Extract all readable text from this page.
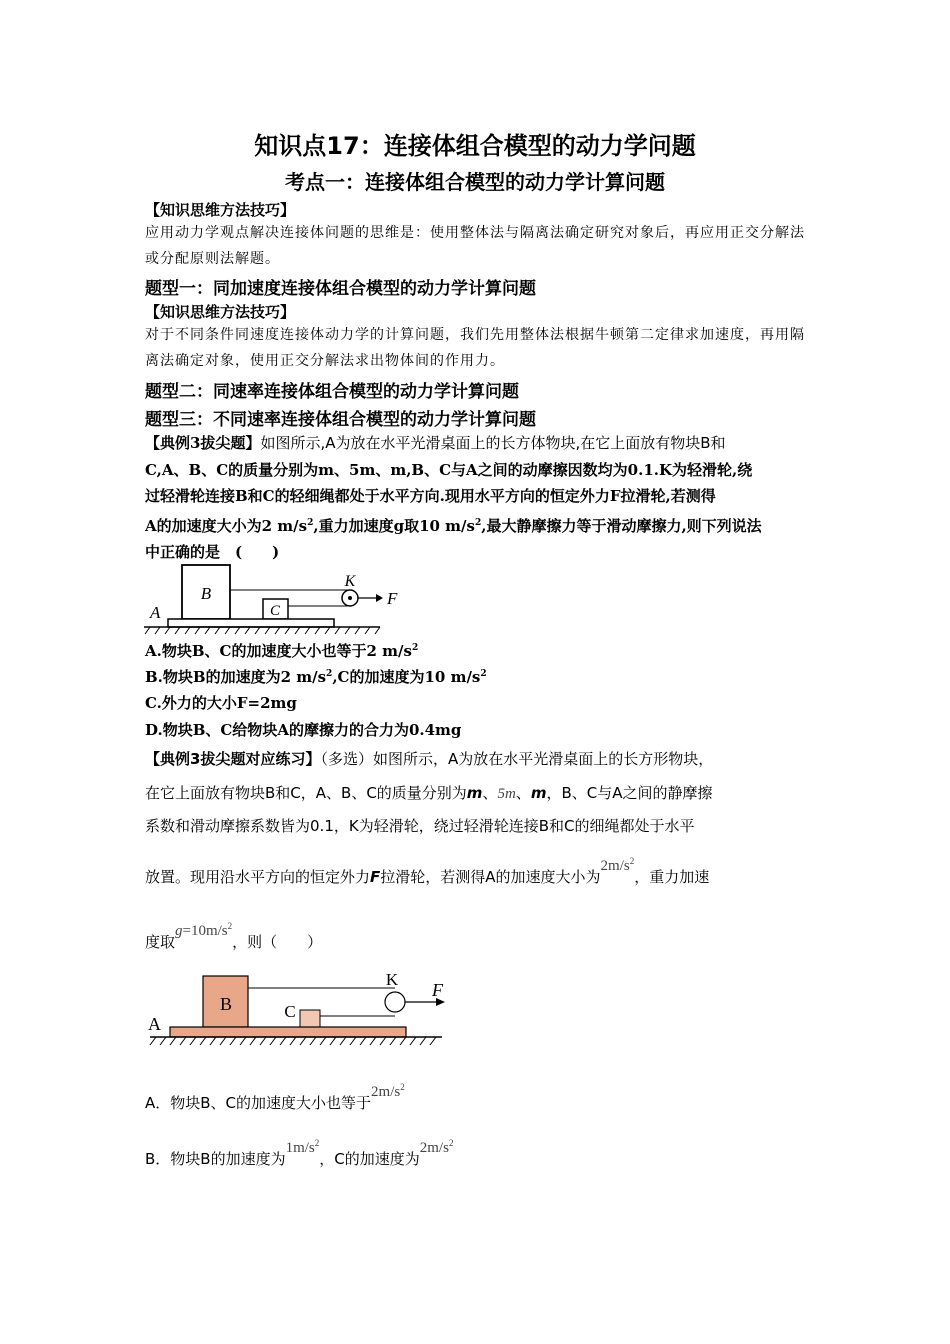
知识点17：连接体组合模型的动力学问题
考点一：连接体组合模型的动力学计算问题
【知识思维方法技巧】
应用动力学观点解决连接体问题的思维是：使用整体法与隔离法确定研究对象后，再应用正交分解法或分配原则法解题。
题型一：同加速度连接体组合模型的动力学计算问题
【知识思维方法技巧】
对于不同条件同速度连接体动力学的计算问题，我们先用整体法根据牛顿第二定律求加速度，再用隔离法确定对象，使用正交分解法求出物体间的作用力。
题型二：同速率连接体组合模型的动力学计算问题
题型三：不同速率连接体组合模型的动力学计算问题
【典例3拔尖题】如图所示,A为放在水平光滑桌面上的长方体物块,在它上面放有物块B和
C,A、B、C的质量分别为m、5m、m,B、C与A之间的动摩擦因数均为0.1.K为轻滑轮,绕
过轻滑轮连接B和C的轻细绳都处于水平方向.现用水平方向的恒定外力F拉滑轮,若测得
A的加速度大小为2 $m/s^2$,重力加速度g取10 $m/s^2$,最大静摩擦力等于滑动摩擦力,则下列说法
中正确的是　(　　)
B
C
K
F
A
A.物块B、C的加速度大小也等于2 $m/s^2$
B.物块B的加速度为2 $m/s^2,C$的加速度为10 $m/s^2$
C.外力的大小F=2mg
D.物块B、C给物块A的摩擦力的合力为0.4mg
【典例3拔尖题对应练习】（多选）如图所示，A为放在水平光滑桌面上的长方形物块，
在它上面放有物块B和C，A、B、C的质量分别为m、5m、m，B、C与A之间的静摩擦
系数和滑动摩擦系数皆为0.1，K为轻滑轮，绕过轻滑轮连接B和C的细绳都处于水平
放置。现用沿水平方向的恒定外力F拉滑轮，若测得A的加速度大小为$2m/s^2$，重力加速
度取$g=10m/s^2$，则（　　）
B	C
K
F
A
A．物块B、C的加速度大小也等于$2m/s^2$
B．物块B的加速度为$1m/s^2$，C的加速度为$2m/s^2$
